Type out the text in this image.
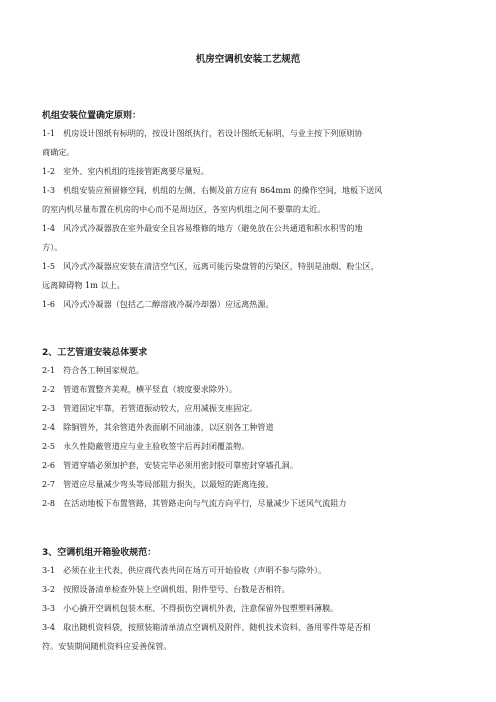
机房空调机安装工艺规范
机组安装位置确定原则：
1-1　机房设计图纸有标明的，按设计图纸执行，若设计图纸无标明，与业主按下列原则协
商确定。
1-2　室外、室内机组的连接管距离要尽量短。
1-3　机组安装应预留修空间，机组的左侧、右侧及前方应有 864mm 的操作空间，地板下送风
的室内机尽量布置在机房的中心而不是周边区，各室内机组之间不要靠的太近。
1-4　风冷式冷凝器放在室外最安全且容易维修的地方（避免放在公共通道和积水积雪的地
方）。
1-5　风冷式冷凝器应安装在清洁空气区，远离可能污染盘管的污染区，特别是油烟、粉尘区，
远离障碍物 1m 以上。
1-6　风冷式冷凝器（包括乙二醇溶液冷凝冷却器）应远离热源。
2、工艺管道安装总体要求
2-1　符合各工种国家规范。
2-2　管道布置整齐美观，横平竖直（坡度要求除外）。
2-3　管道固定牢靠，若管道振动较大，应用减振支座固定。
2-4　除铜管外，其余管道外表面刷不同油漆，以区别各工种管道
2-5　永久性隐蔽管道应与业主验收签字后再封闭覆盖物。
2-6　管道穿墙必须加护套，安装完毕必须用密封胶可靠密封穿墙孔洞。
2-7　管道应尽量减少弯头等局部阻力损失，以最短的距离连接。
2-8　在活动地板下布置管路，其管路走向与气流方向平行，尽量减少下送风气流阻力
3、空调机组开箱验收规范：
3-1　必须在业主代表、供应商代表共同在场方可开始验收（声明不参与除外）。
3-2　按照设备清单检查外装上空调机组、附件型号、台数是否相符。
3-3　小心撬开空调机包装木框、不得损伤空调机外表，注意保留外包塑塑料薄膜。
3-4　取出随机资料袋，按照装箱清单清点空调机及附件、随机技术资料、备用零件等是否相
符。安装期间随机资料应妥善保管。
